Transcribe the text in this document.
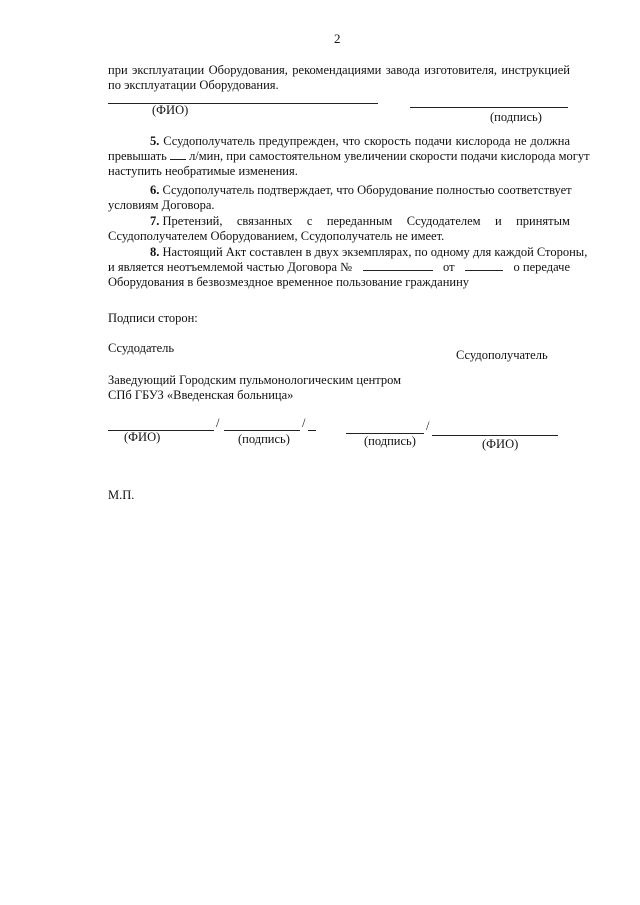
2
при эксплуатации Оборудования, рекомендациями завода изготовителя, инструкцией
по эксплуатации Оборудования.
(ФИО)	(подпись)
5. Ссудополучатель предупрежден, что скорость подачи кислорода не должна
превышать л/мин, при самостоятельном увеличении скорости подачи кислорода могут
наступить необратимые изменения.
6. Ссудополучатель подтверждает, что Оборудование полностью соответствует
условиям Договора.
7. Претензий, связанных с переданным Ссудодателем и принятым
Ссудополучателем Оборудованием, Ссудополучатель не имеет.
8. Настоящий Акт составлен в двух экземплярах, по одному для каждой Стороны,
и является неотъемлемой частью Договора №	от	о передаче
Оборудования в безвозмездное временное пользование гражданину
Подписи сторон:
Ссудодатель	Ссудополучатель
Заведующий Городским пульмонологическим центром
СПб ГБУЗ «Введенская больница»
/	/
(ФИО)	(подпись)
/
(подпись)	(ФИО)
М.П.
